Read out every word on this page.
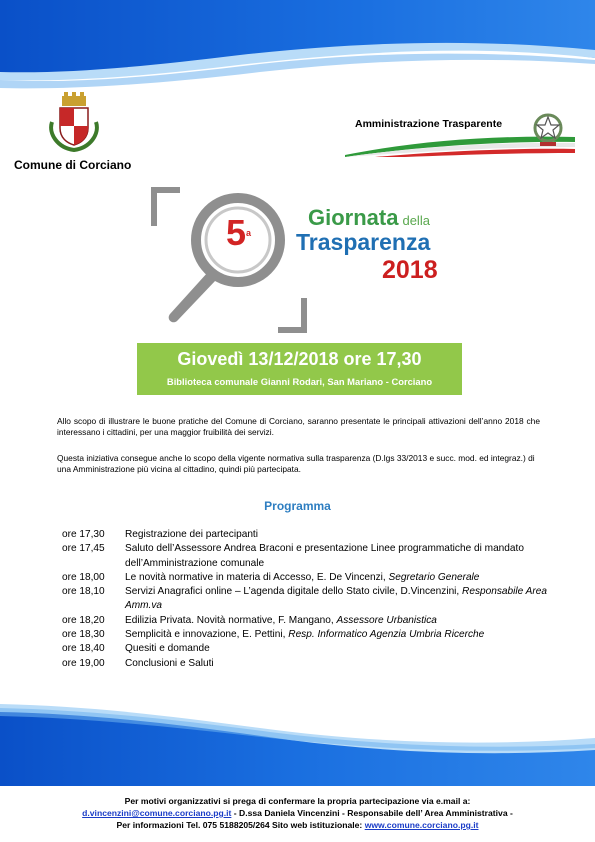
Comune di Corciano
Amministrazione Trasparente
5$^a$
Giornata della
Trasparenza
2018
Giovedì 13/12/2018 ore 17,30
Biblioteca comunale Gianni Rodari, San Mariano - Corciano
Allo scopo di illustrare le buone pratiche del Comune di Corciano, saranno presentate le principali attivazioni dell’anno 2018 che interessano i cittadini, per una maggior fruibilità dei servizi.
Questa iniziativa consegue anche lo scopo della vigente normativa sulla trasparenza (D.lgs 33/2013 e succ. mod. ed integraz.) di una Amministrazione più vicina al cittadino, quindi più partecipata.
Programma
ore 17,30	Registrazione dei partecipanti
ore 17,45	Saluto dell’Assessore Andrea Braconi e presentazione Linee programmatiche di mandato dell’Amministrazione comunale
ore 18,00	Le novità normative in materia di Accesso, E. De Vincenzi, Segretario Generale
ore 18,10	Servizi Anagrafici online – L’agenda digitale dello Stato civile, D.Vincenzini, Responsabile Area Amm.va
ore 18,20	Edilizia Privata. Novità normative, F. Mangano, Assessore Urbanistica
ore 18,30	Semplicità e innovazione, E. Pettini, Resp. Informatico Agenzia Umbria Ricerche
ore 18,40	Quesiti e domande
ore 19,00	Conclusioni e Saluti
Per motivi organizzativi si prega di confermare la propria partecipazione via e.mail a:
d.vincenzini@comune.corciano.pg.it - D.ssa Daniela Vincenzini - Responsabile dell’ Area Amministrativa -
Per informazioni Tel. 075 5188205/264 Sito web istituzionale: www.comune.corciano.pg.it
